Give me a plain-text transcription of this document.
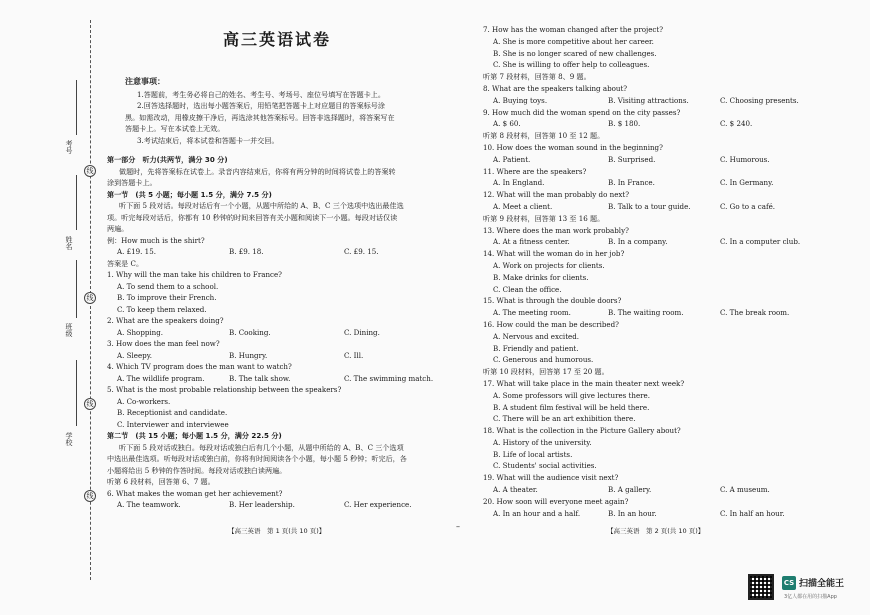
考号
线
姓名
线
班级
线
学校
线
高三英语试卷
注意事项：
1.答题前，考生务必将自己的姓名、考生号、考场号、座位号填写在答题卡上。
2.回答选择题时，选出每小题答案后，用铅笔把答题卡上对应题目的答案标号涂
黑。如需改动，用橡皮擦干净后，再选涂其他答案标号。回答非选择题时，将答案写在
答题卡上。写在本试卷上无效。
3.考试结束后，将本试卷和答题卡一并交回。
第一部分　听力(共两节，满分 30 分)
做题时，先将答案标在试卷上。录音内容结束后，你将有两分钟的时间将试卷上的答案转
涂到答题卡上。
第一节　(共 5 小题；每小题 1.5 分，满分 7.5 分)
听下面 5 段对话。每段对话后有一个小题，从题中所给的 A、B、C 三个选项中选出最佳选
项。听完每段对话后，你都有 10 秒钟的时间来回答有关小题和阅读下一小题。每段对话仅读
两遍。
例：How much is the shirt?
A. £19. 15.	B. £9. 18.	C. £9. 15.
答案是 C。
1. Why will the man take his children to France?
A. To send them to a school.
B. To improve their French.
C. To keep them relaxed.
2. What are the speakers doing?
A. Shopping.	B. Cooking.	C. Dining.
3. How does the man feel now?
A. Sleepy.	B. Hungry.	C. Ill.
4. Which TV program does the man want to watch?
A. The wildlife program.	B. The talk show.	C. The swimming match.
5. What is the most probable relationship between the speakers?
A. Co-workers.
B. Receptionist and candidate.
C. Interviewer and interviewee
第二节　(共 15 小题；每小题 1.5 分，满分 22.5 分)
听下面 5 段对话或独白。每段对话或独白后有几个小题，从题中所给的 A、B、C 三个选项
中选出最佳选项。听每段对话或独白前，你将有时间阅读各个小题，每小题 5 秒钟；听完后，各
小题将给出 5 秒钟的作答时间。每段对话或独白读两遍。
听第 6 段材料，回答第 6、7 题。
6. What makes the woman get her achievement?
A. The teamwork.	B. Her leadership.	C. Her experience.
【高三英语　第 1 页(共 10 页)】	–
7. How has the woman changed after the project?
A. She is more competitive about her career.
B. She is no longer scared of new challenges.
C. She is willing to offer help to colleagues.
听第 7 段材料，回答第 8、9 题。
8. What are the speakers talking about?
A. Buying toys.	B. Visiting attractions.	C. Choosing presents.
9. How much did the woman spend on the city passes?
A. $ 60.	B. $ 180.	C. $ 240.
听第 8 段材料，回答第 10 至 12 题。
10. How does the woman sound in the beginning?
A. Patient.	B. Surprised.	C. Humorous.
11. Where are the speakers?
A. In England.	B. In France.	C. In Germany.
12. What will the man probably do next?
A. Meet a client.	B. Talk to a tour guide.	C. Go to a café.
听第 9 段材料，回答第 13 至 16 题。
13. Where does the man work probably?
A. At a fitness center.	B. In a company.	C. In a computer club.
14. What will the woman do in her job?
A. Work on projects for clients.
B. Make drinks for clients.
C. Clean the office.
15. What is through the double doors?
A. The meeting room.	B. The waiting room.	C. The break room.
16. How could the man be described?
A. Nervous and excited.
B. Friendly and patient.
C. Generous and humorous.
听第 10 段材料，回答第 17 至 20 题。
17. What will take place in the main theater next week?
A. Some professors will give lectures there.
B. A student film festival will be held there.
C. There will be an art exhibition there.
18. What is the collection in the Picture Gallery about?
A. History of the university.
B. Life of local artists.
C. Students' social activities.
19. What will the audience visit next?
A. A theater.	B. A gallery.	C. A museum.
20. How soon will everyone meet again?
A. In an hour and a half.	B. In an hour.	C. In half an hour.
【高三英语　第 2 页(共 10 页)】
CS 扫描全能王
3亿人都在用的扫描App
